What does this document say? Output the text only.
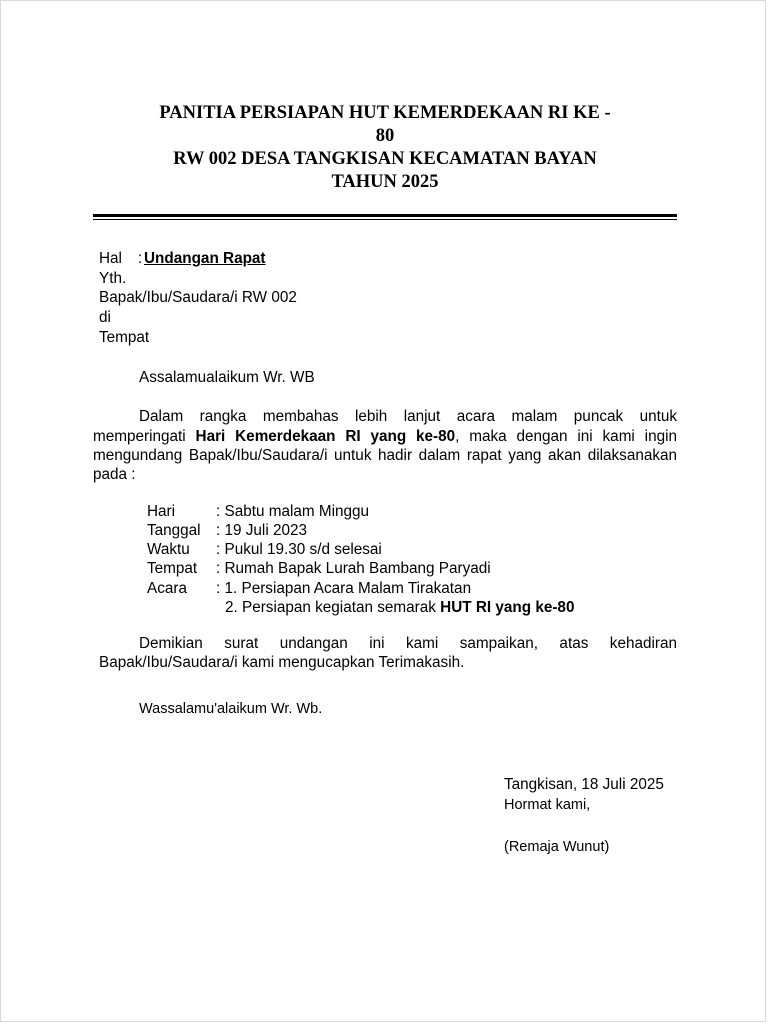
PANITIA PERSIAPAN HUT KEMERDEKAAN RI KE -
80
RW 002 DESA TANGKISAN KECAMATAN BAYAN
TAHUN 2025
Hal : Undangan Rapat
Yth.
Bapak/Ibu/Saudara/i RW 002
di
Tempat
Assalamualaikum Wr. WB
Dalam rangka membahas lebih lanjut acara malam puncak untuk
memperingati Hari Kemerdekaan RI yang ke-80, maka dengan ini kami ingin
mengundang Bapak/Ibu/Saudara/i untuk hadir dalam rapat yang akan dilaksanakan
pada :
Hari	: Sabtu malam Minggu
Tanggal : 19 Juli 2023
Waktu : Pukul 19.30 s/d selesai
Tempat : Rumah Bapak Lurah Bambang Paryadi
Acara : 1. Persiapan Acara Malam Tirakatan
2. Persiapan kegiatan semarak HUT RI yang ke-80
Demikian surat undangan ini kami sampaikan, atas kehadiran
Bapak/Ibu/Saudara/i kami mengucapkan Terimakasih.
Wassalamu'alaikum Wr. Wb.
Tangkisan, 18 Juli 2025
Hormat kami,
(Remaja Wunut)
